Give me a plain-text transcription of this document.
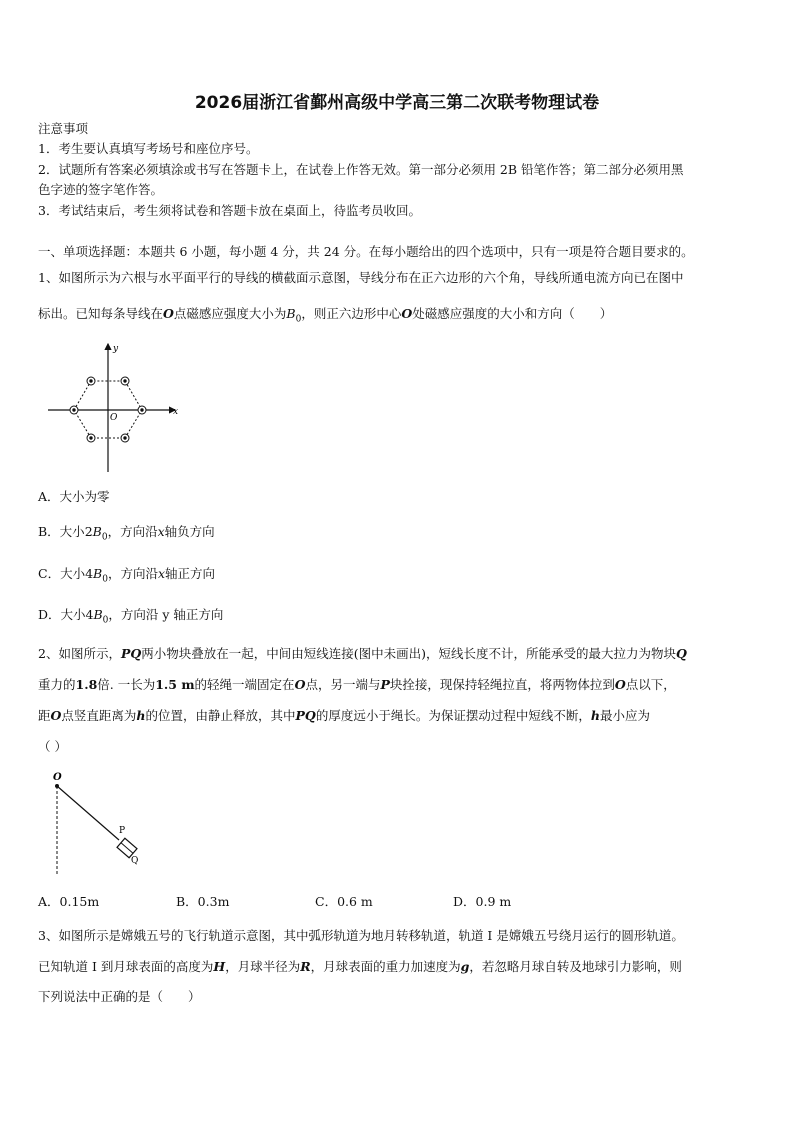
2026届浙江省鄞州高级中学高三第二次联考物理试卷
注意事项
1．考生要认真填写考场号和座位序号。
2．试题所有答案必须填涂或书写在答题卡上，在试卷上作答无效。第一部分必须用 2B 铅笔作答；第二部分必须用黑
色字迹的签字笔作答。
3．考试结束后，考生须将试卷和答题卡放在桌面上，待监考员收回。
一、单项选择题：本题共 6 小题，每小题 4 分，共 24 分。在每小题给出的四个选项中，只有一项是符合题目要求的。
1、如图所示为六根与水平面平行的导线的横截面示意图，导线分布在正六边形的六个角，导线所通电流方向已在图中
标出。已知每条导线在O点磁感应强度大小为$B_0$，则正六边形中心O处磁感应强度的大小和方向（　　）
y
x
O
A．大小为零
B．大小$2B_0$，方向沿x轴负方向
C．大小$4B_0$，方向沿x轴正方向
D．大小$4B_0$，方向沿 y 轴正方向
2、如图所示，PQ两小物块叠放在一起，中间由短线连接(图中未画出)，短线长度不计，所能承受的最大拉力为物块Q
重力的1.8倍. 一长为1.5 m的轻绳一端固定在O点，另一端与P块拴接，现保持轻绳拉直，将两物体拉到O点以下，
距O点竖直距离为h的位置，由静止释放，其中PQ的厚度远小于绳长。为保证摆动过程中短线不断，h最小应为
（ ）
O
P
Q
A．0.15m	B．0.3m	C．0.6 m	D．0.9 m
3、如图所示是嫦娥五号的飞行轨道示意图，其中弧形轨道为地月转移轨道，轨道 I 是嫦娥五号绕月运行的圆形轨道。
已知轨道 I 到月球表面的高度为H，月球半径为R，月球表面的重力加速度为g，若忽略月球自转及地球引力影响，则
下列说法中正确的是（　　）
